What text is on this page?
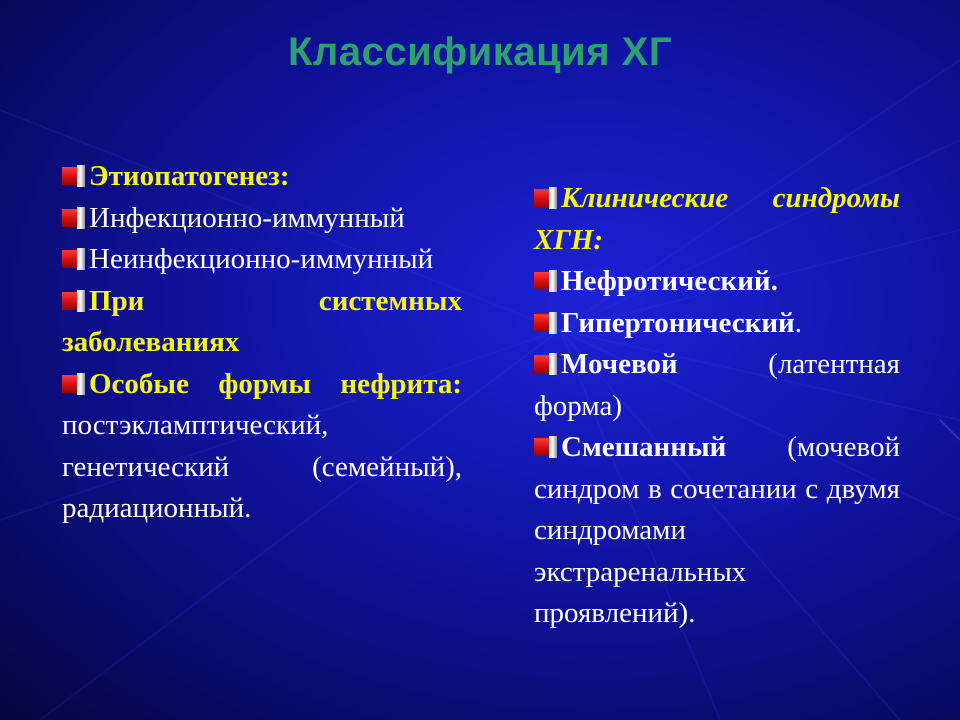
Классификация ХГ
Этиопатогенез:
Инфекционно-иммунный
Неинфекционно-иммунный
При системных заболеваниях
Особые формы нефрита: постэкламптический, генетический (семейный), радиационный.
Клинические синдромы ХГН:
Нефротический.
Гипертонический.
Мочевой	(латентная форма)
Смешанный (мочевой синдром в сочетании с двумя синдромами экстраренальных проявлений).
